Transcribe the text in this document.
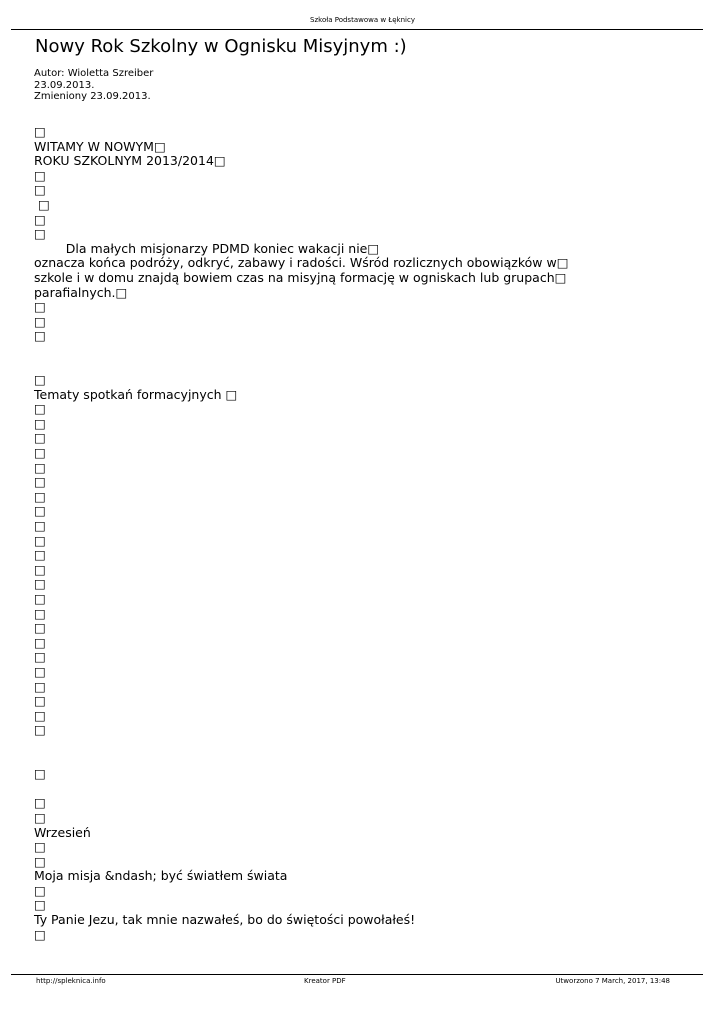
Szkoła Podstawowa w Łęknicy
Nowy Rok Szkolny w Ognisku Misyjnym :)
Autor: Wioletta Szreiber
23.09.2013.
Zmieniony 23.09.2013.
□
WITAMY W NOWYM□
ROKU SZKOLNYM 2013/2014□
□
□
□
□
□
Dla małych misjonarzy PDMD koniec wakacji nie□
oznacza końca podróży, odkryć, zabawy i radości. Wśród rozlicznych obowiązków w□
szkole i w domu znajdą bowiem czas na misyjną formację w ogniskach lub grupach□
parafialnych.□
□
□
□
□
Tematy spotkań formacyjnych □
□
□
□
□
□
□
□
□
□
□
□
□
□
□
□
□
□
□
□
□
□
□
□
□
□
□
Wrzesień
□
□
Moja misja &ndash; być światłem świata
□
□
Ty Panie Jezu, tak mnie nazwałeś, bo do świętości powołałeś!
□
http://spleknica.info	Kreator PDF	Utworzono 7 March, 2017, 13:48
